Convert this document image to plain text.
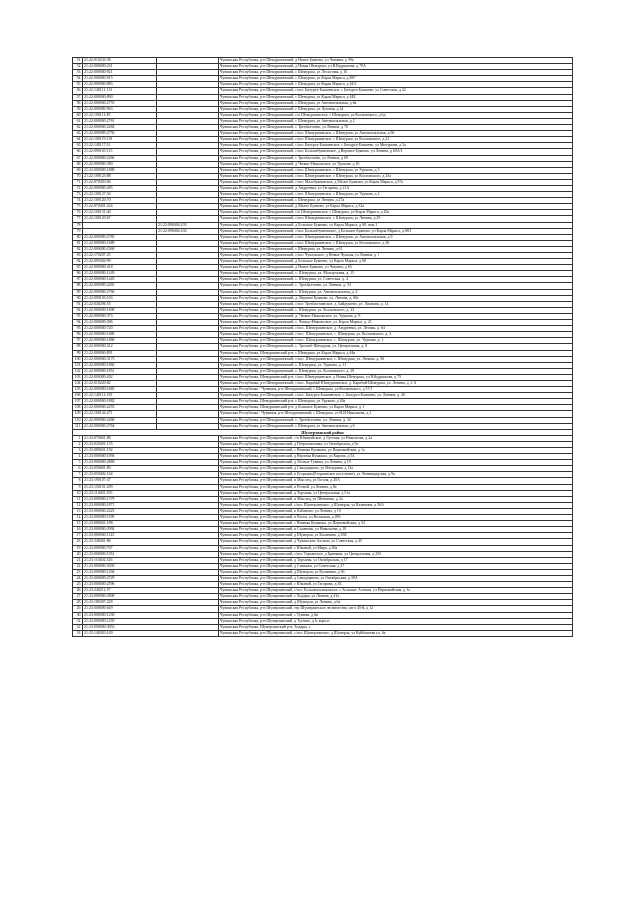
51	21:22:010233:38		Чувашская Республика, р-н Шемуршинский, д Новое Буяново, ул Чапаева, д 39а
52	21:22:000000:231		Чувашская Республика, р-н Шемуршинский, д Новая Шемурша, ул В.Кудряшова, д 79А
53	21:22:000000:921		Чувашская Республика, р-н Шемуршинский, с Шемурша, ул Лесхозная, д 10
54	21:22:000000:915		Чувашская Республика, р-н Шемуршинский, с Шемурша, ул Карла Маркса, д 49Г
55	21:22:000000:883		Чувашская Республика, р-н Шемуршинский, с Шемурша, ул Карла Маркса, д 44/3
56	21:22:140111:113		Чувашская Республика, р-н Шемуршинский, с/пос Бичурга-Баишевское, с Бичурга-Баишево, ул Советская, д 42
57	21:22:000000:890		Чувашская Республика, р-н Шемуршинский, с Шемурша, ул Карла Маркса, д 44Б
58	21:22:000000:2755		Чувашская Республика, р-н Шемуршинский, с Шемурша, ул Автовокзальная, д 6в
59	21:22:000000:963		Чувашская Республика, р-н Шемуршинский, с Шемурша, ул Луговая, д 24
60	21:22:100111:49		Чувашская Республика, р-н Шемуршинский, с/п Шемуршинское, с Шемурша, ул Космовского, д 6д
61	21:22:000000:2761		Чувашская Республика, р-н Шемуршинский, с Шемурша, ул Автовокзальная, д 2
62	21:22:000000:2284		Чувашская Республика, р-н Шемуршинский, с Трехбалтаево, ул Ленина, д 70
63	21:22:000000:2750		Чувашская Республика, р-н Шемуршинский, с/пос Шемуршинское, с Шемурша, ул Автовокзальная, д 6б
64	21:22:100119:118		Чувашская Республика, р-н Шемуршинский, с/пос Шемуршинское, с Шемурша, ул Космовского, д 22
65	21:22:140117:51		Чувашская Республика, р-н Шемуршинский, с/пос Бичурга-Баишевское, с Бичурга-Баишево, ул Мичурина, д 3а
66	21:22:090103:115		Чувашская Республика, р-н Шемуршинский, с/пос Большебуяновское, д Верхнее Буяново, ул Ленина, д 60А/1
67	21:22:000000:2266		Чувашская Республика, р-н Шемуршинский, с Трехбалтаево, ул Ленина, д 69
68	21:22:000000:380		Чувашская Республика, р-н Шемуршинский, д Чепкас-Никольское, ул Урукова, д 10
69	21:22:000000:1888		Чувашская Республика, р-н Шемуршинский, с/пос Шемуршинское, с Шемурша, ул Урукова, д 3
70	21:22:100123:88		Чувашская Республика, р-н Шемуршинский, с/пос Шемуршинское, с Шемурша, ул Космовского, д 25а
71	21:22:070403:66		Чувашская Республика, р-н Шемуршинский, с/пос Малобуяновское, д Малое Буяново, ул Карла Маркса, д 37а
72	21:22:000000:495		Чувашская Республика, р-н Шемуршинский, д Андреевка, ул Гагарина, д 21А
73	21:22:100127:54		Чувашская Республика, р-н Шемуршинский, с/пос Шемуршинское, с Шемурша, ул Урукова, д 2
74	21:22:100120:70		Чувашская Республика, р-н Шемуршинский, с Шемурша, ул Ленина, д 27а
75	21:22:070401:224		Чувашская Республика, р-н Шемуршинский, д Малое Буяново, ул Карла Маркса, д 32а
76	21:22:100131:40		Чувашская Республика, р-н Шемуршинский, с/п Шемуршинское, с Шемурша, ул Карла Маркса, д 45а
77	21:22:100120:67		Чувашская Республика, р-н Шемуршинский, с/пос Шемуршинское, с Шемурша, ул Ленина, д 29
78		21:22:090404:103	Чувашская Республика, р-н Шемуршинский, д Большое Буяново, ул Карла Маркса, д 68, пом.1
79		21:22:090404:104	Чувашская Республика, р-н Шемуршинский, с/пос Большебуяновское, д Большое Буяново, ул Карла Маркса, д 68/1
80	21:22:000000:2785		Чувашская Республика, р-н Шемуршинский, с/пос Шемуршинское, с Шемурша, ул Автовокзальная, д 9
81	21:22:000000:1689		Чувашская Республика, р-н Шемуршинский, с/пос Шемуршинское, с Шемурша, ул Космовского, д 36
82	21:22:000000:2368		Чувашская Республика, р-н Шемуршинский, с Шемурша, ул Ленина, д 61
83	21:22:170207:25		Чувашская Республика, р-н Шемуршинский, с/пос Чукальское, д Новые Чукалы, ул Ленина, д 1
84	21:22:090404:99		Чувашская Республика, р-н Шемуршинский, д Большое Буяново, ул Карла Маркса, д 68
85	21:22:000000:418		Чувашская Республика, р-н Шемуршинский, д Новое Буяново, ул Чапаева, д 65
86	21:22:000000:1249		Чувашская Республика, р-н Шемуршинский, с. Шемурша, ул. Молодежная, д. 15
87	21:22:000000:1445		Чувашская Республика, р-н Шемуршинский, с. Шемурша, ул. Советская, д. 4
88	21:22:000000:2265		Чувашская Республика, р-н Шемуршинский, с. Трехбалтаево, ул. Ленина, д. 33
89	21:22:000000:2760		Чувашская Республика, р-н Шемуршинский, с. Шемурша, ул. Автовокзальная, д. 2
90	21:22:090103:103		Чувашская Республика, р-н Шемуршинский, д. Верхнее Буяново, ул. Ленина, д. 60г
91	21:22:040206:55		Чувашская Республика, р-н Шемуршинский, с/пос Трехбалтаевское, д. Байдушево, ул. Ляхмана, д. 14
92	21:22:000000:1698		Чувашская Республика, р-н Шемуршинский, с. Шемурша, ул. Космовского, д. 23
93	21:22:000000:373		Чувашская Республика, р-н Шемуршинский, д. Чепкас-Никольское, ул. Урукова, д. 9
94	21:22:000000:396		Чувашская Республика, р-н Шемуршинский, с. Чепкас-Никольское, ул. Карла Маркса, д. 21
95	21:22:000000:720		Чувашская Республика, р-н Шемуршинский, с/пос. Шемуршинское, д. Андреевка, ул. Лесная, д. 64
96	21:22:000000:1680		Чувашская Республика, р-н Шемуршинский, с/пос. Шемуршинское, с. Шемурша, ул. Космовского, д. 3
97	21:22:000000:1868		Чувашская Республика, р-н Шемуршинский, с/пос. Шемуршинское, с. Шемурша, ул. Урукова, д. 1
98	21:22:000000:312		Чувашская Республика, р-н Шемуршинский, с. Трехизб-Шемурша, ул. Центральная, д. 8
99	21:22:000000:891		Чувашская Республика, Шемуршинский р-н, с Шемурша, ул Карла Маркса, д 44в
100	21:22:000000:3175		Чувашская Республика, р-н Шемуршинский, с/пос. Шемуршинское, с. Шемурша, ул. Ленина, д. 56
101	21:22:000000:1860		Чувашская Республика, р-н Шемуршинский, с. Шемурша, ул. Урукова, д. 11
102	21:22:000000:1851		Чувашская Республика, р-н Шемуршинский, с. Шемурша, ул. Космовского, д. 29
103	21:22:000000:202		Чувашская Республика, Шемуршинский р-н, с/пос Шемуршинское, д Новая Шемурша, ул В.Кудряшова, д 75
104	21:22:010220:82		Чувашская Республика, р-н Шемуршинский, с/пос. Карабай-Шемуршинское, д. Карабай-Шемурша, ул. Ленина, д. 2 А
105	21:22:000000:1685		Чувашская Республика - Чувашия, р-н Шемуршинский, с Шемурша, ул Космовского, д 37/1
106	21:22:140111:135		Чувашская Республика, р-н Шемуршинский, с/пос. Бичурга-Баишевское, с. Бичурга-Баишево, ул. Ленина, д. 26
107	21:22:000000:1882		Чувашская Республика, Шемуршинский р-н, с Шемурша, ул Урукова, д 26а
108	21:22:000000:2255		Чувашская Республика, Шемуршинский р-н, д Большое Буяново, ул Карла Маркса, д 1
109	21:22:100144:271		Чувашская Республика - Чувашия, р-н Шемуршинский, с Шемурша, ул Н.И.Николаева, д 2
110	21:22:000000:2268		Чувашская Республика, р-н Шемуршинский, с. Трехбалтаево, ул. Ленина, д. 32
111	21:22:000000:2764		Чувашская Республика, р-н Шемуршинский, с Шемурша, ул Автовокзальная, д 6
Шумерлинский район			
1	21:23:070601:88		Чувашская Республика, р-н Шумерлинский, с/п Юманайское, д Луговая, ул Никольева, д 2а
2	21:23:020401:155		Чувашская Республика, р-н Шумерлинский, д Петропавловка, ул Октябрьская, д 9а
3	21:23:080601:192		Чувашская Республика, р-н Шумерлинский, с Нижняя Кумашка, ул Первомайская, д 1а
4	21:23:000000:1094		Чувашская Республика, р-н Шумерлинский, д Верхняя Кумашка, ул Кирова, д 54
5	21:23:000000:2868		Чувашская Республика, р-н Шумерлинский, д Лесные Туваны, ул Ленина, д 10
6	21:23:050601:89		Чувашская Республика, р-н Шумерлинский, д Савадеркино, ул Мичурина, д 13а
7	21:23:050402:164		Чувашская Республика, р-н Шумерлинский, п Егоркино(Егоркинское поселение), ул Ленинградская, д 9а
8	21:23:190107:47		Чувашская Республика, р-н Шумерлинский, п Мыслец, ул Гоголя, д 20А
9	21:23:150101:209		Чувашская Республика, р-н Шумерлинский, п Речной, ул Ленина, д 8а
10	21:23:110401:355		Чувашская Республика, р-н Шумерлинский, д Торханы, ул Центральная, д 51а
11	21:23:000000:1579		Чувашская Республика, р-н Шумерлинский, п Мыслец, ул Шевченко, д 2а
12	21:23:000000:1871		Чувашская Республика, р-н Шумерлинский, с/пос Шумерлинское, д Шумерля, ул Калинина, д 36А
13	21:23:000000:2225		Чувашская Республика, р-н Шумерлинский, п Кабаново, ул Ленина, д 10
14	21:23:000000:1199		Чувашская Республика, р-н Шумерлинский, п Волга, ул Волжская, д 49б
15	21:23:080601:188		Чувашская Республика, р-н Шумерлинский, с Нижняя Кумашка, ул Первомайская, д 54
16	21:23:000000:2994		Чувашская Республика, р-н Шумерлинский, п Саланчик, ул Никольева, д 18
17	21:23:000000:1143		Чувашская Республика, р-н Шумерлинский, д Шумерля, ул Калинина, д 35Б
18	21:23:340401:86		Чувашская Республика, р-н Шумерлинский, д Чувашские Алгаши, ул Советская, д 45
19	21:23:000000:767		Чувашская Республика, р-н Шумерлинский, с Юманай, ул Мира, д 49а
20	21:23:000000:1051		Чувашская Республика, р-н Шумерлинский, с/пос Торханское, д Бреняши, ул Центральная, д 25б
21	21:23:110402:326		Чувашская Республика, р-н Шумерлинский, д Торханы, ул Октябрьская, д 17
22	21:23:000000:3030		Чувашская Республика, р-н Шумерлинский, д Синьялы, ул Советская, д 27
23	21:23:000000:1294		Чувашская Республика, р-н Шумерлинский, д Шумерля, ул Калинина, д 36
24	21:23:000000:2729		Чувашская Республика, р-н Шумерлинский, д Савадеркино, ул Октябрьская, д 39А
25	21:23:000000:2596		Чувашская Республика, р-н Шумерлинский, с Юманай, ул Гагарина, д 3Б
26	21:23:240212:57		Чувашская Республика, р-н Шумерлинский, с/пос Большеалгашинское, с Большие Алгаши, ул Первомайская, д 1а
27	21:23:000000:2808		Чувашская Республика, р-н Шумерлинский, с Ходары, ул Ленина, д 41а
28	21:23:180307:228		Чувашская Республика, р-н Шумерлинский, д Шумерля, ул Ленина, д 6а
29	21:23:000000:649		Чувашская Республика, р-н Шумерлинский, тер Шумерлинское лесничество, кв-л 45-й, д 12
30	21:23:000000:1239		Чувашская Республика, р-н Шумерлинский, с Туваны, д 6в
31	21:23:000000:1259		Чувашская Республика, р-н Шумерлинский, д Тугаево, д 6, корп.н
32	21:23:000000:3053		Чувашская Республика, Шумерлинский р-н, Ходары, с
33	21:23:140303:140		Чувашская Республика, р-н Шумерлинский, с/пос Шумерлинское, д Шумерля, ул Куйбышева ул, 6а
